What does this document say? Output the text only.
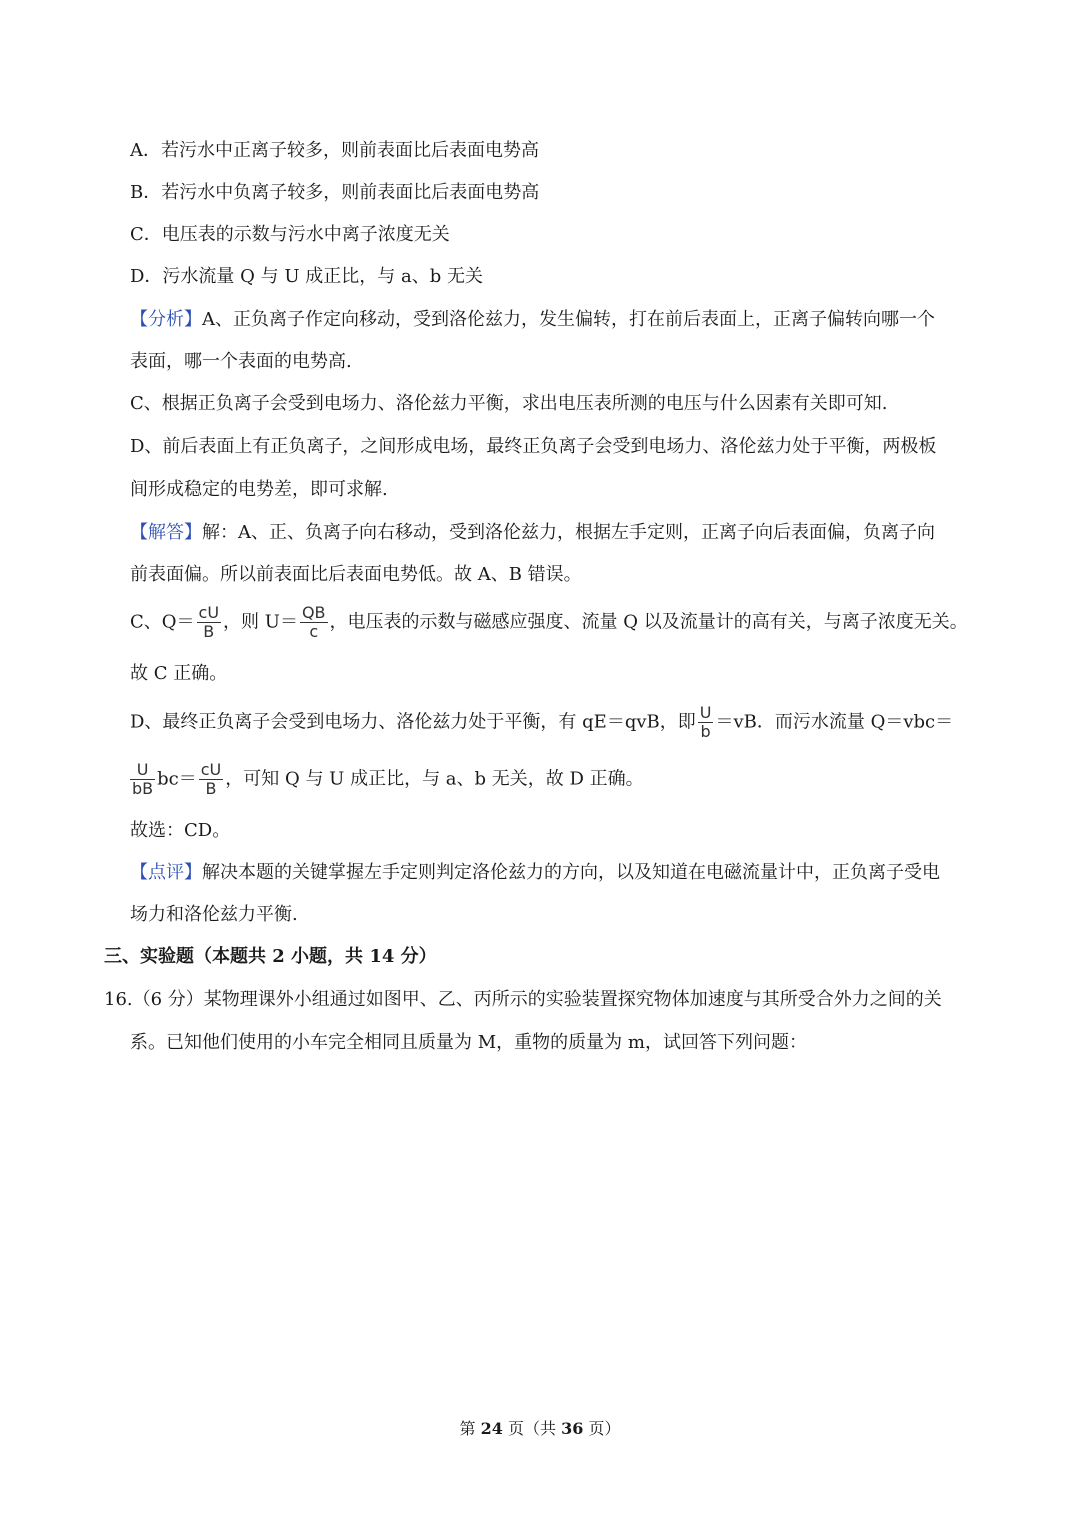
A．若污水中正离子较多，则前表面比后表面电势高
B．若污水中负离子较多，则前表面比后表面电势高
C．电压表的示数与污水中离子浓度无关
D．污水流量 Q 与 U 成正比，与 a、b 无关
【分析】A、正负离子作定向移动，受到洛伦兹力，发生偏转，打在前后表面上，正离子偏转向哪一个
表面，哪一个表面的电势高.
C、根据正负离子会受到电场力、洛伦兹力平衡，求出电压表所测的电压与什么因素有关即可知.
D、前后表面上有正负离子，之间形成电场，最终正负离子会受到电场力、洛伦兹力处于平衡，两极板
间形成稳定的电势差，即可求解.
【解答】解：A、正、负离子向右移动，受到洛伦兹力，根据左手定则，正离子向后表面偏，负离子向
前表面偏。所以前表面比后表面电势低。故 A、B 错误。
C、$Q= \frac{cU}{B}$ ，则 $U= \frac{QB}{c}$ ，电压表的示数与磁感应强度、流量 Q 以及流量计的高有关，与离子浓度无关。
故 C 正确。
D、最终正负离子会受到电场力、洛伦兹力处于平衡，有 qE＝qvB，即 $\frac{U}{b} =vB$．而污水流量 Q＝vbc＝
$\frac{U}{bB} bc= \frac{cU}{B}$ ，可知 Q 与 U 成正比，与 a、b 无关，故 D 正确。
故选：CD。
【点评】解决本题的关键掌握左手定则判定洛伦兹力的方向，以及知道在电磁流量计中，正负离子受电
场力和洛伦兹力平衡.
三、实验题（本题共 2 小题，共 14 分）
16.（6 分）某物理课外小组通过如图甲、乙、丙所示的实验装置探究物体加速度与其所受合外力之间的关
系。已知他们使用的小车完全相同且质量为 M，重物的质量为 m，试回答下列问题：
第 24 页（共 36 页）
